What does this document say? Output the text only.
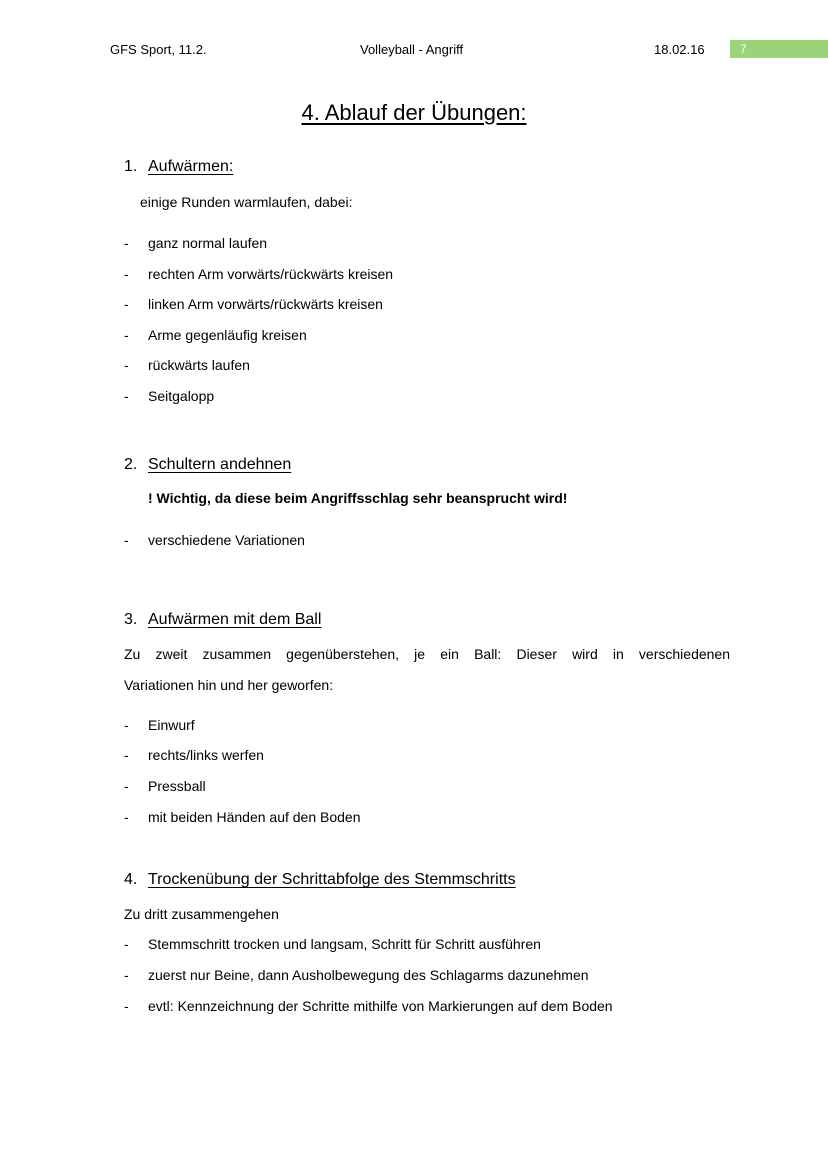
GFS Sport, 11.2.	Volleyball - Angriff	18.02.16	7
4. Ablauf der Übungen:
1. Aufwärmen:
einige Runden warmlaufen, dabei:
- ganz normal laufen
- rechten Arm vorwärts/rückwärts kreisen
- linken Arm vorwärts/rückwärts kreisen
- Arme gegenläufig kreisen
- rückwärts laufen
- Seitgalopp
2. Schultern andehnen
! Wichtig, da diese beim Angriffsschlag sehr beansprucht wird!
- verschiedene Variationen
3. Aufwärmen mit dem Ball
Zu zweit zusammen gegenüberstehen, je ein Ball: Dieser wird in verschiedenen
Variationen hin und her geworfen:
- Einwurf
- rechts/links werfen
- Pressball
- mit beiden Händen auf den Boden
4. Trockenübung der Schrittabfolge des Stemmschritts
Zu dritt zusammengehen
- Stemmschritt trocken und langsam, Schritt für Schritt ausführen
- zuerst nur Beine, dann Ausholbewegung des Schlagarms dazunehmen
- evtl: Kennzeichnung der Schritte mithilfe von Markierungen auf dem Boden
